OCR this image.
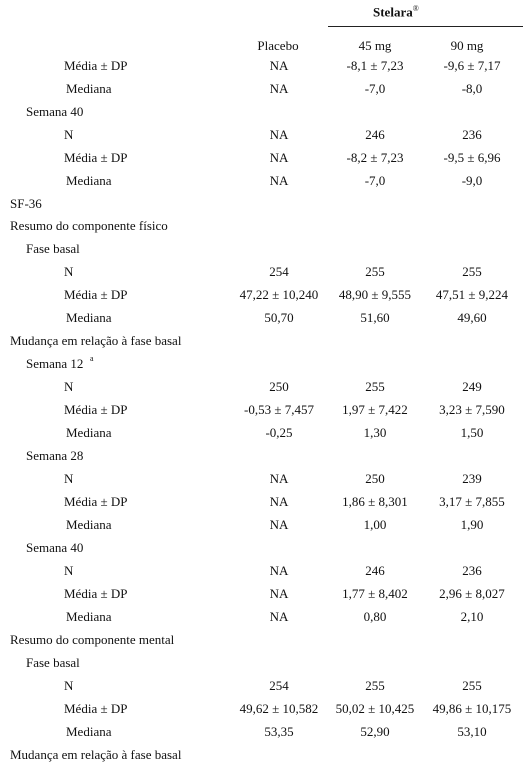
Stelara®
Placebo	45 mg	90 mg
Média ± DP	NA	-8,1 ± 7,23	-9,6 ± 7,17
Mediana	NA	-7,0	-8,0
Semana 40
N	NA	246	236
Média ± DP	NA	-8,2 ± 7,23	-9,5 ± 6,96
Mediana	NA	-7,0	-9,0
SF-36
Resumo do componente físico
Fase basal
N	254	255	255
Média ± DP	47,22 ± 10,240	48,90 ± 9,555	47,51 ± 9,224
Mediana	50,70	51,60	49,60
Mudança em relação à fase basal
Semana 12 a
N	250	255	249
Média ± DP	-0,53 ± 7,457	1,97 ± 7,422	3,23 ± 7,590
Mediana	-0,25	1,30	1,50
Semana 28
N	NA	250	239
Média ± DP	NA	1,86 ± 8,301	3,17 ± 7,855
Mediana	NA	1,00	1,90
Semana 40
N	NA	246	236
Média ± DP	NA	1,77 ± 8,402	2,96 ± 8,027
Mediana	NA	0,80	2,10
Resumo do componente mental
Fase basal
N	254	255	255
Média ± DP	49,62 ± 10,582	50,02 ± 10,425	49,86 ± 10,175
Mediana	53,35	52,90	53,10
Mudança em relação à fase basal
